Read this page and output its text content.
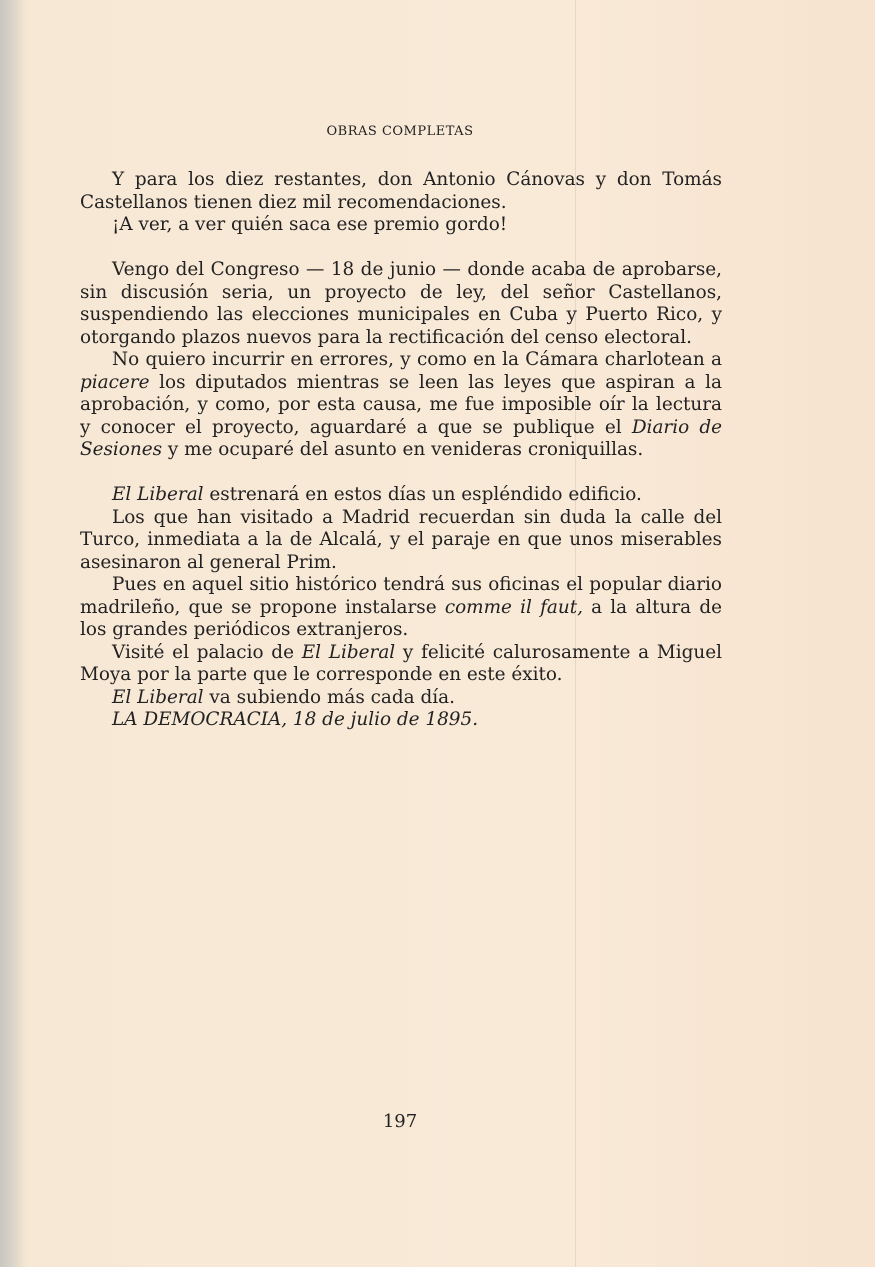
OBRAS COMPLETAS

Y para los diez restantes, don Antonio Cánovas y don Tomás Castellanos tienen diez mil recomendaciones.

¡A ver, a ver quién saca ese premio gordo!

Vengo del Congreso — 18 de junio — donde acaba de aprobarse, sin discusión seria, un proyecto de ley, del señor Castellanos, suspendiendo las elecciones municipales en Cuba y Puerto Rico, y otorgando plazos nuevos para la rectificación del censo electoral.

No quiero incurrir en errores, y como en la Cámara charlotean a piacere los diputados mientras se leen las leyes que aspiran a la aprobación, y como, por esta causa, me fue imposible oír la lectura y conocer el proyecto, aguardaré a que se publique el Diario de Sesiones y me ocuparé del asunto en venideras croniquillas.

El Liberal estrenará en estos días un espléndido edificio.

Los que han visitado a Madrid recuerdan sin duda la calle del Turco, inmediata a la de Alcalá, y el paraje en que unos miserables asesinaron al general Prim.

Pues en aquel sitio histórico tendrá sus oficinas el popular diario madrileño, que se propone instalarse comme il faut, a la altura de los grandes periódicos extranjeros.

Visité el palacio de El Liberal y felicité calurosamente a Miguel Moya por la parte que le corresponde en este éxito.

El Liberal va subiendo más cada día.

LA DEMOCRACIA, 18 de julio de 1895.

197
